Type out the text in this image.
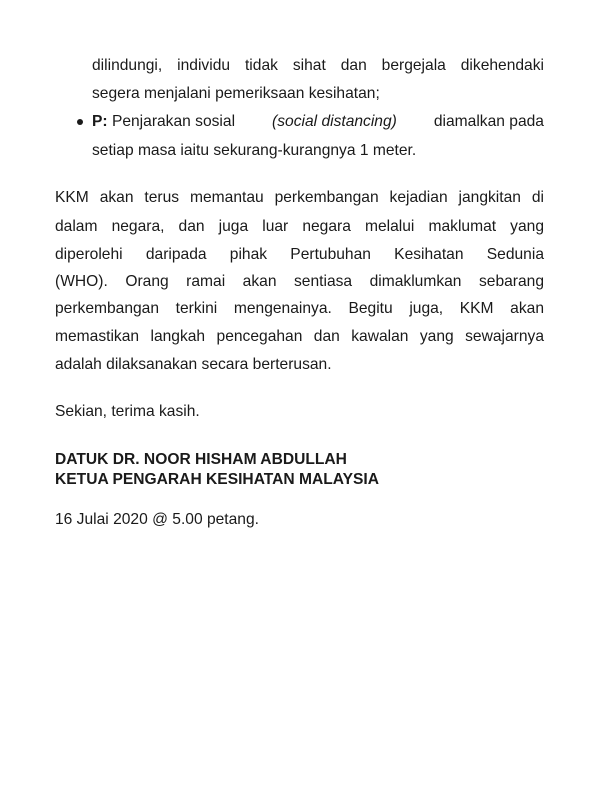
dilindungi, individu tidak sihat dan bergejala dikehendaki
segera menjalani pemeriksaan kesihatan;
P: Penjarakan sosial (social distancing) diamalkan pada
setiap masa iaitu sekurang-kurangnya 1 meter.
KKM akan terus memantau perkembangan kejadian jangkitan di
dalam negara, dan juga luar negara melalui maklumat yang
diperolehi daripada pihak Pertubuhan Kesihatan Sedunia
(WHO). Orang ramai akan sentiasa dimaklumkan sebarang
perkembangan terkini mengenainya. Begitu juga, KKM akan
memastikan langkah pencegahan dan kawalan yang sewajarnya
adalah dilaksanakan secara berterusan.
Sekian, terima kasih.
DATUK DR. NOOR HISHAM ABDULLAH
KETUA PENGARAH KESIHATAN MALAYSIA
16 Julai 2020 @ 5.00 petang.
